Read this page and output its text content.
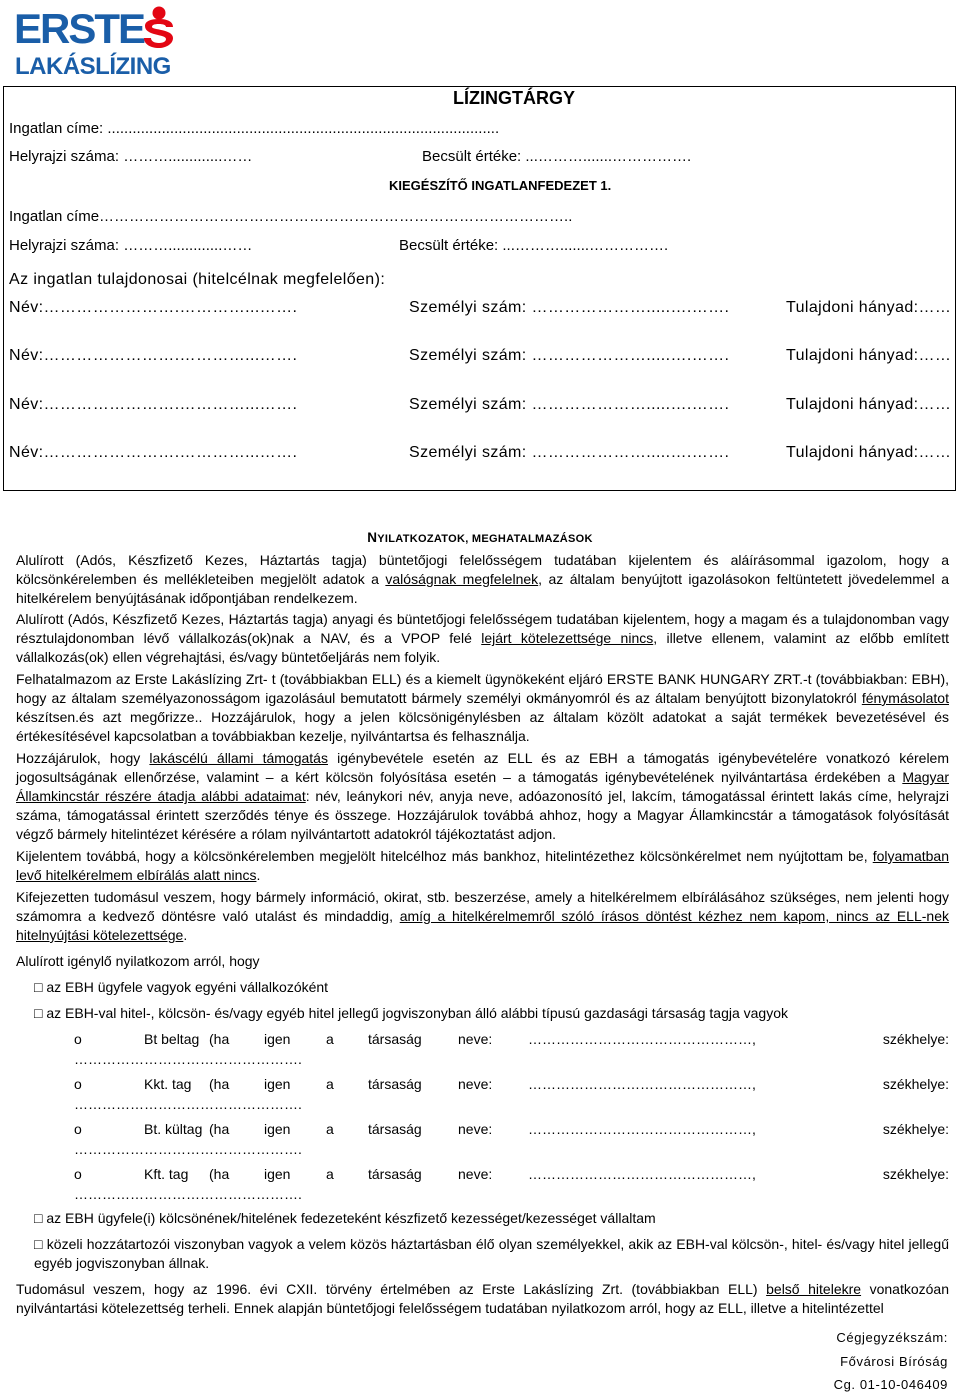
ERSTE
LAKÁSLÍZING
LÍZINGTÁRGY
Ingatlan címe: ..............................................................................................
Helyrajzi száma: ……….............……	Becsült értéke: ...……….......…………….
KIEGÉSZÍTŐ INGATLANFEDEZET 1.
Ingatlan címe…………………………………………………………………………………..
Helyrajzi száma: ……….............……	Becsült értéke: ...……….......…………….
Az ingatlan tulajdonosai (hitelcélnak megfelelően):
Név:…………………….…………...…….	Személyi szám: ………………….....….…….	Tulajdoni hányad:……
Név:…………………….…………...…….	Személyi szám: ………………….....….…….	Tulajdoni hányad:……
Név:…………………….…………...…….	Személyi szám: ………………….....….…….	Tulajdoni hányad:……
Név:…………………….…………...…….	Személyi szám: ………………….....….…….	Tulajdoni hányad:……
NYILATKOZATOK, MEGHATALMAZÁSOK
Alulírott (Adós, Készfizető Kezes, Háztartás tagja) büntetőjogi felelősségem tudatában kijelentem és aláírásommal igazolom, hogy a kölcsönkérelemben és mellékleteiben megjelölt adatok a valóságnak megfelelnek, az általam benyújtott igazolásokon feltüntetett jövedelemmel a hitelkérelem benyújtásának időpontjában rendelkezem.
Alulírott (Adós, Készfizető Kezes, Háztartás tagja) anyagi és büntetőjogi felelősségem tudatában kijelentem, hogy a magam és a tulajdonomban vagy résztulajdonomban lévő vállalkozás(ok)nak a NAV, és a VPOP felé lejárt kötelezettsége nincs, illetve ellenem, valamint az előbb említett vállalkozás(ok) ellen végrehajtási, és/vagy büntetőeljárás nem folyik.
Felhatalmazom az Erste Lakáslízing Zrt- t (továbbiakban ELL) és a kiemelt ügynökeként eljáró ERSTE BANK HUNGARY ZRT.-t (továbbiakban: EBH), hogy az általam személyazonosságom igazolásául bemutatott bármely személyi okmányomról és az általam benyújtott bizonylatokról fénymásolatot készítsen.és azt megőrizze.. Hozzájárulok, hogy a jelen kölcsönigénylésben az általam közölt adatokat a saját termékek bevezetésével és értékesítésével kapcsolatban a továbbiakban kezelje, nyilvántartsa és felhasználja.
Hozzájárulok, hogy lakáscélú állami támogatás igénybevétele esetén az ELL és az EBH a támogatás igénybevételére vonatkozó kérelem jogosultságának ellenőrzése, valamint – a kért kölcsön folyósítása esetén – a támogatás igénybevételének nyilvántartása érdekében a Magyar Államkincstár részére átadja alábbi adataimat: név, leánykori név, anyja neve, adóazonosító jel, lakcím, támogatással érintett lakás címe, helyrajzi száma, támogatással érintett szerződés ténye és összege. Hozzájárulok továbbá ahhoz, hogy a Magyar Államkincstár a támogatások folyósítását végző bármely hitelintézet kérésére a rólam nyilvántartott adatokról tájékoztatást adjon.
Kijelentem továbbá, hogy a kölcsönkérelemben megjelölt hitelcélhoz más bankhoz, hitelintézethez kölcsönkérelmet nem nyújtottam be, folyamatban levő hitelkérelmem elbírálás alatt nincs.
Kifejezetten tudomásul veszem, hogy bármely információ, okirat, stb. beszerzése, amely a hitelkérelmem elbírálásához szükséges, nem jelenti hogy számomra a kedvező döntésre való utalást és mindaddig, amíg a hitelkérelmemről szóló írásos döntést kézhez nem kapom, nincs az ELL-nek hitelnyújtási kötelezettsége.
Alulírott igénylő nyilatkozom arról, hogy
□ az EBH ügyfele vagyok egyéni vállalkozóként
□ az EBH-val hitel-, kölcsön- és/vagy egyéb hitel jellegű jogviszonyban álló alábbi típusú gazdasági társaság tagja vagyok
o	Bt beltag (ha igen	a társaság	neve:	…………………………………………,	székhelye:
………………………………………….
o	Kkt. tag (ha igen	a társaság	neve:	…………………………………………,	székhelye:
………………………………………….
o	Bt. kültag (ha igen	a társaság	neve:	…………………………………………,	székhelye:
………………………………………….
o	Kft. tag (ha igen	a társaság	neve:	…………………………………………,	székhelye:
………………………………………….
□ az EBH ügyfele(i) kölcsönének/hitelének fedezeteként készfizető kezességet/kezességet vállaltam
□ közeli hozzátartozói viszonyban vagyok a velem közös háztartásban élő olyan személyekkel, akik az EBH-val kölcsön-, hitel- és/vagy hitel jellegű egyéb jogviszonyban állnak.
Tudomásul veszem, hogy az 1996. évi CXII. törvény értelmében az Erste Lakáslízing Zrt. (továbbiakban ELL) belső hitelekre vonatkozóan nyilvántartási kötelezettség terheli. Ennek alapján büntetőjogi felelősségem tudatában nyilatkozom arról, hogy az ELL, illetve a hitelintézettel
Cégjegyzékszám:
Fővárosi Bíróság
Cg. 01-10-046409
